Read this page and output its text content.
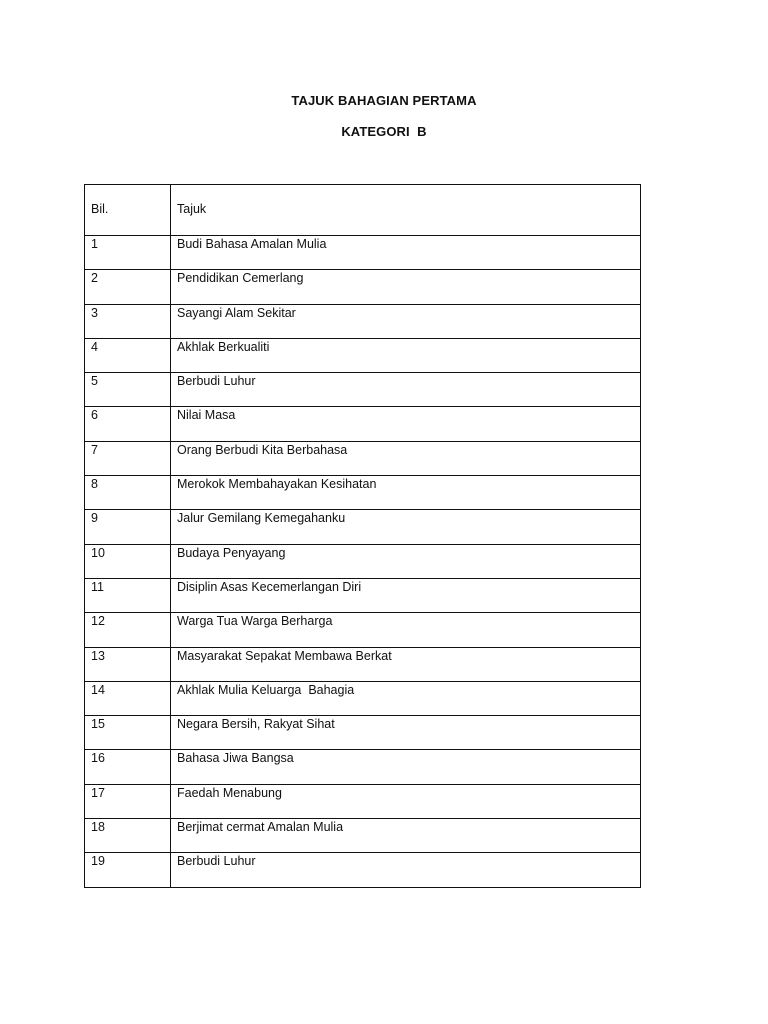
TAJUK BAHAGIAN PERTAMA
KATEGORI  B
Bil.	Tajuk
1	Budi Bahasa Amalan Mulia
2	Pendidikan Cemerlang
3	Sayangi Alam Sekitar
4	Akhlak Berkualiti
5	Berbudi Luhur
6	Nilai Masa
7	Orang Berbudi Kita Berbahasa
8	Merokok Membahayakan Kesihatan
9	Jalur Gemilang Kemegahanku
10	Budaya Penyayang
11	Disiplin Asas Kecemerlangan Diri
12	Warga Tua Warga Berharga
13	Masyarakat Sepakat Membawa Berkat
14	Akhlak Mulia Keluarga  Bahagia
15	Negara Bersih, Rakyat Sihat
16	Bahasa Jiwa Bangsa
17	Faedah Menabung
18	Berjimat cermat Amalan Mulia
19	Berbudi Luhur
